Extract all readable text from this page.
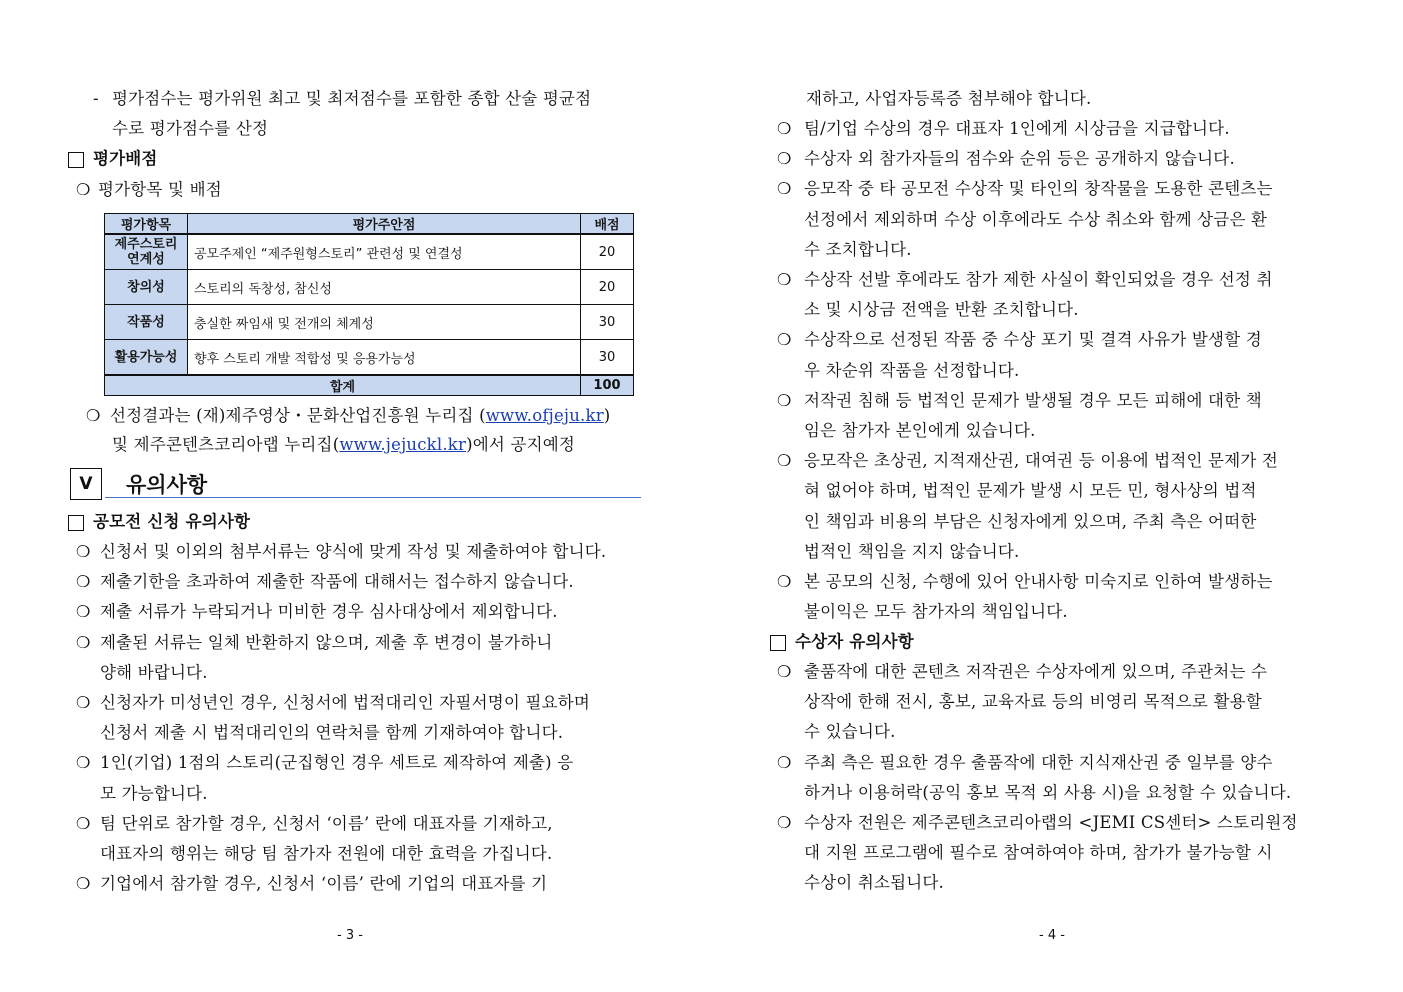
- 평가점수는 평가위원 최고 및 최저점수를 포함한 종합 산술 평균점
수로 평가점수를 산정
평가배점
❍ 평가항목 및 배점
평가항목	평가주안점	배점
제주스토리 연계성	공모주제인 “제주원형스토리” 관련성 및 연결성	20
창의성	스토리의 독창성, 참신성	20
작품성	충실한 짜임새 및 전개의 체계성	30
활용가능성	향후 스토리 개발 적합성 및 응용가능성	30
합계		100
❍ 선정결과는 (재)제주영상・문화산업진흥원 누리집 (www.ofjeju.kr)
및 제주콘텐츠코리아랩 누리집(www.jejuckl.kr)에서 공지예정
Ⅴ	유의사항
공모전 신청 유의사항
❍ 신청서 및 이외의 첨부서류는 양식에 맞게 작성 및 제출하여야 합니다.
❍ 제출기한을 초과하여 제출한 작품에 대해서는 접수하지 않습니다.
❍ 제출 서류가 누락되거나 미비한 경우 심사대상에서 제외합니다.
❍ 제출된 서류는 일체 반환하지 않으며, 제출 후 변경이 불가하니
양해 바랍니다.
❍ 신청자가 미성년인 경우, 신청서에 법적대리인 자필서명이 필요하며
신청서 제출 시 법적대리인의 연락처를 함께 기재하여야 합니다.
❍ 1인(기업) 1점의 스토리(군집형인 경우 세트로 제작하여 제출) 응
모 가능합니다.
❍ 팀 단위로 참가할 경우, 신청서 ‘이름’ 란에 대표자를 기재하고,
대표자의 행위는 해당 팀 참가자 전원에 대한 효력을 가집니다.
❍ 기업에서 참가할 경우, 신청서 ‘이름’ 란에 기업의 대표자를 기
- 3 -
재하고, 사업자등록증 첨부해야 합니다.
❍ 팀/기업 수상의 경우 대표자 1인에게 시상금을 지급합니다.
❍ 수상자 외 참가자들의 점수와 순위 등은 공개하지 않습니다.
❍ 응모작 중 타 공모전 수상작 및 타인의 창작물을 도용한 콘텐츠는
선정에서 제외하며 수상 이후에라도 수상 취소와 함께 상금은 환
수 조치합니다.
❍ 수상작 선발 후에라도 참가 제한 사실이 확인되었을 경우 선정 취
소 및 시상금 전액을 반환 조치합니다.
❍ 수상작으로 선정된 작품 중 수상 포기 및 결격 사유가 발생할 경
우 차순위 작품을 선정합니다.
❍ 저작권 침해 등 법적인 문제가 발생될 경우 모든 피해에 대한 책
임은 참가자 본인에게 있습니다.
❍ 응모작은 초상권, 지적재산권, 대여권 등 이용에 법적인 문제가 전
혀 없어야 하며, 법적인 문제가 발생 시 모든 민, 형사상의 법적
인 책임과 비용의 부담은 신청자에게 있으며, 주최 측은 어떠한
법적인 책임을 지지 않습니다.
❍ 본 공모의 신청, 수행에 있어 안내사항 미숙지로 인하여 발생하는
불이익은 모두 참가자의 책임입니다.
수상자 유의사항
❍ 출품작에 대한 콘텐츠 저작권은 수상자에게 있으며, 주관처는 수
상작에 한해 전시, 홍보, 교육자료 등의 비영리 목적으로 활용할
수 있습니다.
❍ 주최 측은 필요한 경우 출품작에 대한 지식재산권 중 일부를 양수
하거나 이용허락(공익 홍보 목적 외 사용 시)을 요청할 수 있습니다.
❍ 수상자 전원은 제주콘텐츠코리아랩의 <JEMI CS센터> 스토리원정
대 지원 프로그램에 필수로 참여하여야 하며, 참가가 불가능할 시
수상이 취소됩니다.
- 4 -
